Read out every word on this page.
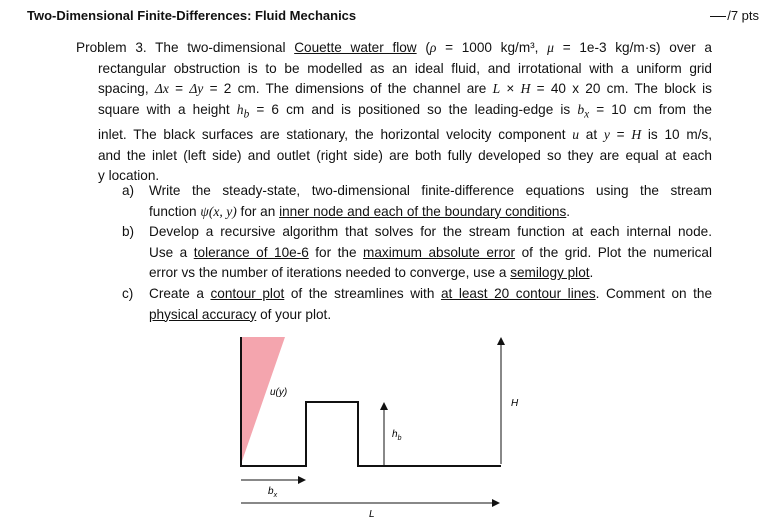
Two-Dimensional Finite-Differences: Fluid Mechanics	/7 pts
Problem 3. The two-dimensional Couette water flow (ρ = 1000 kg/m³, μ = 1e-3 kg/m·s) over a
rectangular obstruction is to be modelled as an ideal fluid, and irrotational with a uniform grid
spacing, Δx = Δy = 2 cm. The dimensions of the channel are L × H = 40 x 20 cm. The block is
square with a height $h_b = 6$ cm and is positioned so the leading-edge is $b_x = 10$ cm from the
inlet. The black surfaces are stationary, the horizontal velocity component u at y = H is 10 m/s,
and the inlet (left side) and outlet (right side) are both fully developed so they are equal at each
y location.
a) Write the steady-state, two-dimensional finite-difference equations using the stream
function ψ(x, y) for an inner node and each of the boundary conditions.
b) Develop a recursive algorithm that solves for the stream function at each internal node.
Use a tolerance of 10e-6 for the maximum absolute error of the grid. Plot the numerical
error vs the number of iterations needed to converge, use a semilogy plot.
c) Create a contour plot of the streamlines with at least 20 contour lines. Comment on the
physical accuracy of your plot.
u(y)
H
$h_b$
$b_x$
L
